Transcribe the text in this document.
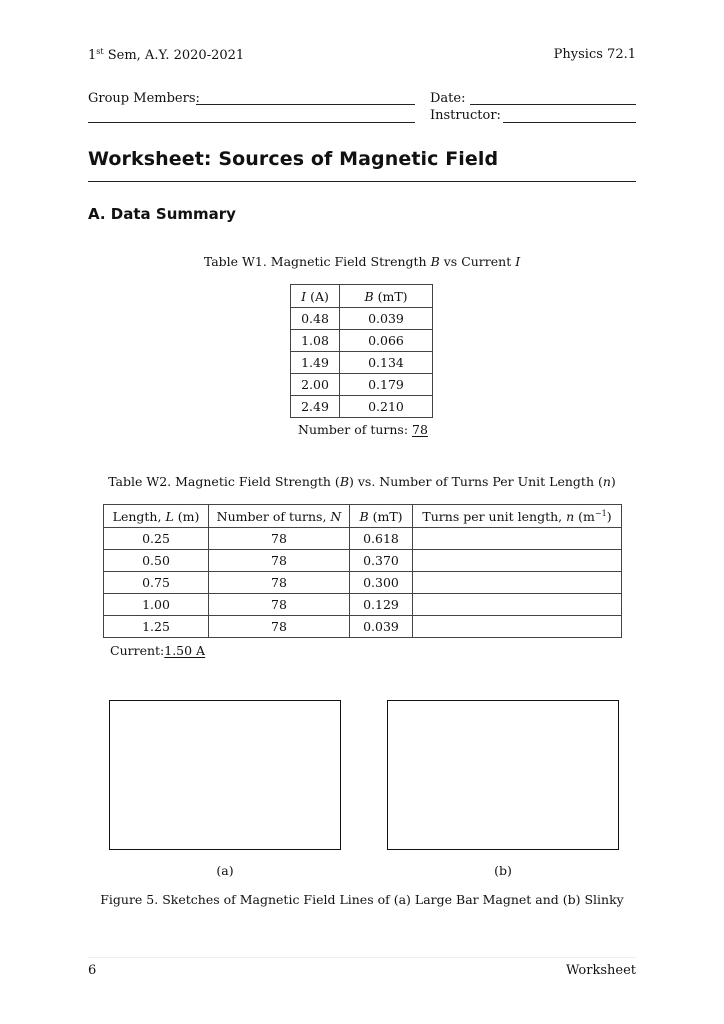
1st Sem, A.Y. 2020-2021	Physics 72.1
Group Members:	Date:
Instructor:
Worksheet: Sources of Magnetic Field
A. Data Summary
Table W1. Magnetic Field Strength B vs Current I
I (A)	B (mT)
0.48	0.039
1.08	0.066
1.49	0.134
2.00	0.179
2.49	0.210
Number of turns: 78
Table W2. Magnetic Field Strength (B) vs. Number of Turns Per Unit Length (n)
Length, L (m)	Number of turns, N	B (mT)	Turns per unit length, n $(m^{-1})$
0.25	78	0.618	
0.50	78	0.370	
0.75	78	0.300	
1.00	78	0.129	
1.25	78	0.039	
Current:1.50 A
(a)	(b)
Figure 5. Sketches of Magnetic Field Lines of (a) Large Bar Magnet and (b) Slinky
6	Worksheet
